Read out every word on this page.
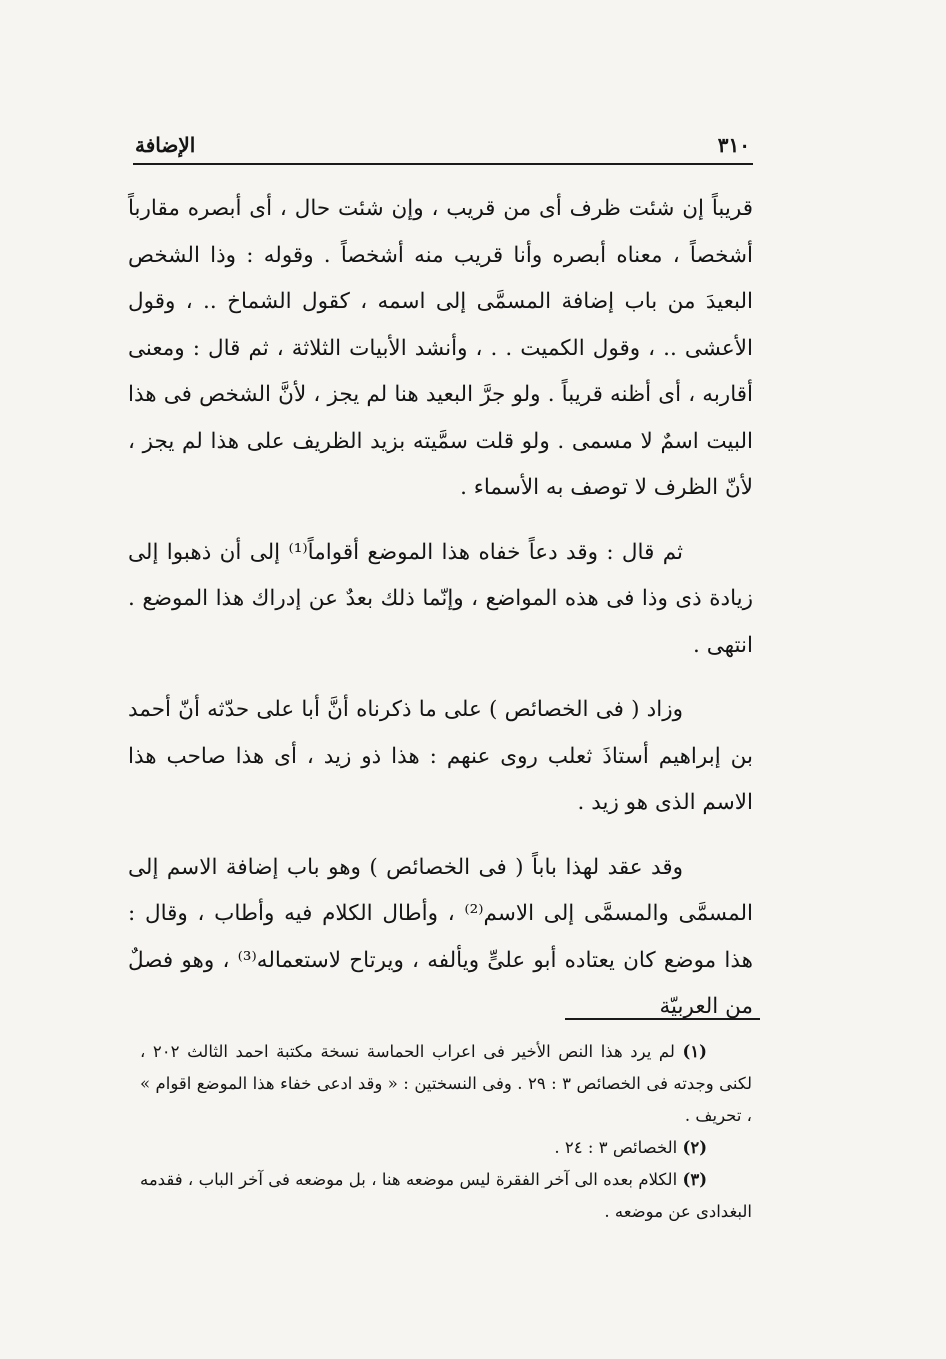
٣١٠
الإضافة

قريباً إن شئت ظرف أى من قريب ، وإن شئت حال ، أى أبصره مقارباً أشخصاً ، معناه أبصره وأنا قريب منه أشخصاً . وقوله : وذا الشخص البعيدَ من باب إضافة المسمَّى إلى اسمه ، كقول الشماخ .. ، وقول الأعشى .. ، وقول الكميت . . ، وأنشد الأبيات الثلاثة ، ثم قال : ومعنى أقاربه ، أى أظنه قريباً . ولو جرَّ البعيد هنا لم يجز ، لأنَّ الشخص فى هذا البيت اسمٌ لا مسمى . ولو قلت سمَّيته بزيد الظريف على هذا لم يجز ، لأنّ الظرف لا توصف به الأسماء .

ثم قال : وقد دعاً خفاه هذا الموضع أقواماً⁽¹⁾ إلى أن ذهبوا إلى زيادة ذى وذا فى هذه المواضع ، وإنّما ذلك بعدٌ عن إدراك هذا الموضع . انتهى .

وزاد ( فى الخصائص ) على ما ذكرناه أنَّ أبا على حدّثه أنّ أحمد بن إبراهيم أستاذَ ثعلب روى عنهم : هذا ذو زيد ، أى هذا صاحب هذا الاسم الذى هو زيد .

وقد عقد لهذا باباً ( فى الخصائص ) وهو باب إضافة الاسم إلى المسمَّى والمسمَّى إلى الاسم⁽²⁾ ، وأطال الكلام فيه وأطاب ، وقال : هذا موضع كان يعتاده أبو علىٍّ ويألفه ، ويرتاح لاستعماله⁽³⁾ ، وهو فصلٌ من العربيّة

(١) لم يرد هذا النص الأخير فى اعراب الحماسة نسخة مكتبة احمد الثالث ٢٠٢ ، لكنى وجدته فى الخصائص ٣ : ٢٩ . وفى النسختين : « وقد ادعى خفاء هذا الموضع اقوام » ، تحريف .

(٢) الخصائص ٣ : ٢٤ .

(٣) الكلام بعده الى آخر الفقرة ليس موضعه هنا ، بل موضعه فى آخر الباب ، فقدمه البغدادى عن موضعه .
